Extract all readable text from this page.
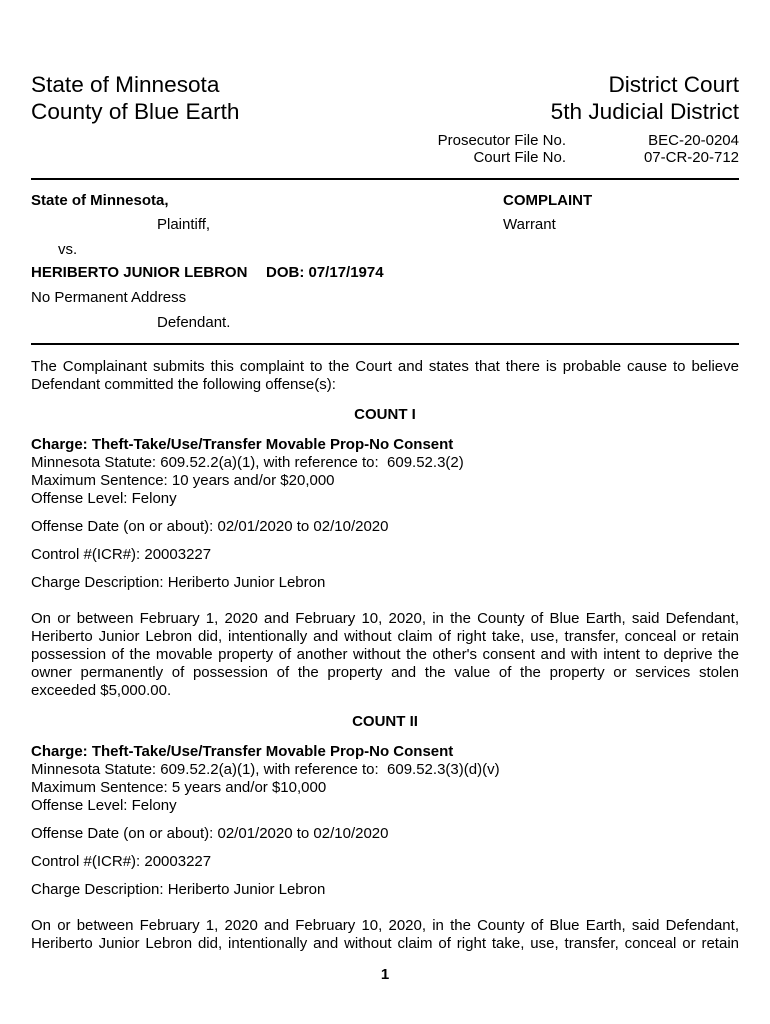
State of Minnesota
County of Blue Earth
District Court
5th Judicial District
Prosecutor File No.
Court File No.
BEC-20-0204
07-CR-20-712
State of Minnesota,	COMPLAINT
Plaintiff,	Warrant
vs.
HERIBERTO JUNIOR LEBRON DOB: 07/17/1974
No Permanent Address
Defendant.
The Complainant submits this complaint to the Court and states that there is probable cause to believe
Defendant committed the following offense(s):
COUNT I
Charge: Theft-Take/Use/Transfer Movable Prop-No Consent
Minnesota Statute: 609.52.2(a)(1), with reference to:  609.52.3(2)
Maximum Sentence: 10 years and/or $20,000
Offense Level: Felony
Offense Date (on or about): 02/01/2020 to 02/10/2020
Control #(ICR#): 20003227
Charge Description: Heriberto Junior Lebron
On or between February 1, 2020 and February 10, 2020, in the County of Blue Earth, said Defendant,
Heriberto Junior Lebron did, intentionally and without claim of right take, use, transfer, conceal or retain
possession of the movable property of another without the other's consent and with intent to deprive the
owner permanently of possession of the property and the value of the property or services stolen
exceeded $5,000.00.
COUNT II
Charge: Theft-Take/Use/Transfer Movable Prop-No Consent
Minnesota Statute: 609.52.2(a)(1), with reference to:  609.52.3(3)(d)(v)
Maximum Sentence: 5 years and/or $10,000
Offense Level: Felony
Offense Date (on or about): 02/01/2020 to 02/10/2020
Control #(ICR#): 20003227
Charge Description: Heriberto Junior Lebron
On or between February 1, 2020 and February 10, 2020, in the County of Blue Earth, said Defendant,
Heriberto Junior Lebron did, intentionally and without claim of right take, use, transfer, conceal or retain
1
